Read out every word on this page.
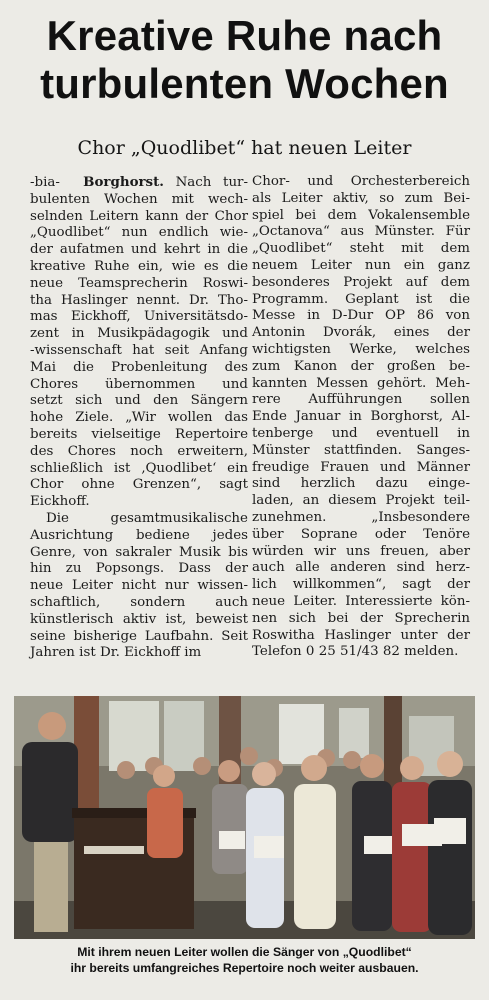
Kreative Ruhe nach
turbulenten Wochen
Chor „Quodlibet“ hat neuen Leiter
-bia- Borghorst. Nach tur-
bulenten Wochen mit wech-
selnden Leitern kann der Chor
„Quodlibet“ nun endlich wie-
der aufatmen und kehrt in die
kreative Ruhe ein, wie es die
neue Teamsprecherin Roswi-
tha Haslinger nennt. Dr. Tho-
mas Eickhoff, Universitätsdo-
zent in Musikpädagogik und
-wissenschaft hat seit Anfang
Mai die Probenleitung des
Chores übernommen und
setzt sich und den Sängern
hohe Ziele. „Wir wollen das
bereits vielseitige Repertoire
des Chores noch erweitern,
schließlich ist ‚Quodlibet‘ ein
Chor ohne Grenzen“, sagt
Eickhoff.
Die gesamtmusikalische
Ausrichtung bediene jedes
Genre, von sakraler Musik bis
hin zu Popsongs. Dass der
neue Leiter nicht nur wissen-
schaftlich, sondern auch
künstlerisch aktiv ist, beweist
seine bisherige Laufbahn. Seit
Jahren ist Dr. Eickhoff im
Chor- und Orchesterbereich
als Leiter aktiv, so zum Bei-
spiel bei dem Vokalensemble
„Octanova“ aus Münster. Für
„Quodlibet“ steht mit dem
neuem Leiter nun ein ganz
besonderes Projekt auf dem
Programm. Geplant ist die
Messe in D-Dur OP 86 von
Antonin Dvorák, eines der
wichtigsten Werke, welches
zum Kanon der großen be-
kannten Messen gehört. Meh-
rere Aufführungen sollen
Ende Januar in Borghorst, Al-
tenberge und eventuell in
Münster stattfinden. Sanges-
freudige Frauen und Männer
sind herzlich dazu einge-
laden, an diesem Projekt teil-
zunehmen. „Insbesondere
über Soprane oder Tenöre
würden wir uns freuen, aber
auch alle anderen sind herz-
lich willkommen“, sagt der
neue Leiter. Interessierte kön-
nen sich bei der Sprecherin
Roswitha Haslinger unter der
Telefon 0 25 51/43 82 melden.
Mit ihrem neuen Leiter wollen die Sänger von „Quodlibet“
ihr bereits umfangreiches Repertoire noch weiter ausbauen.
